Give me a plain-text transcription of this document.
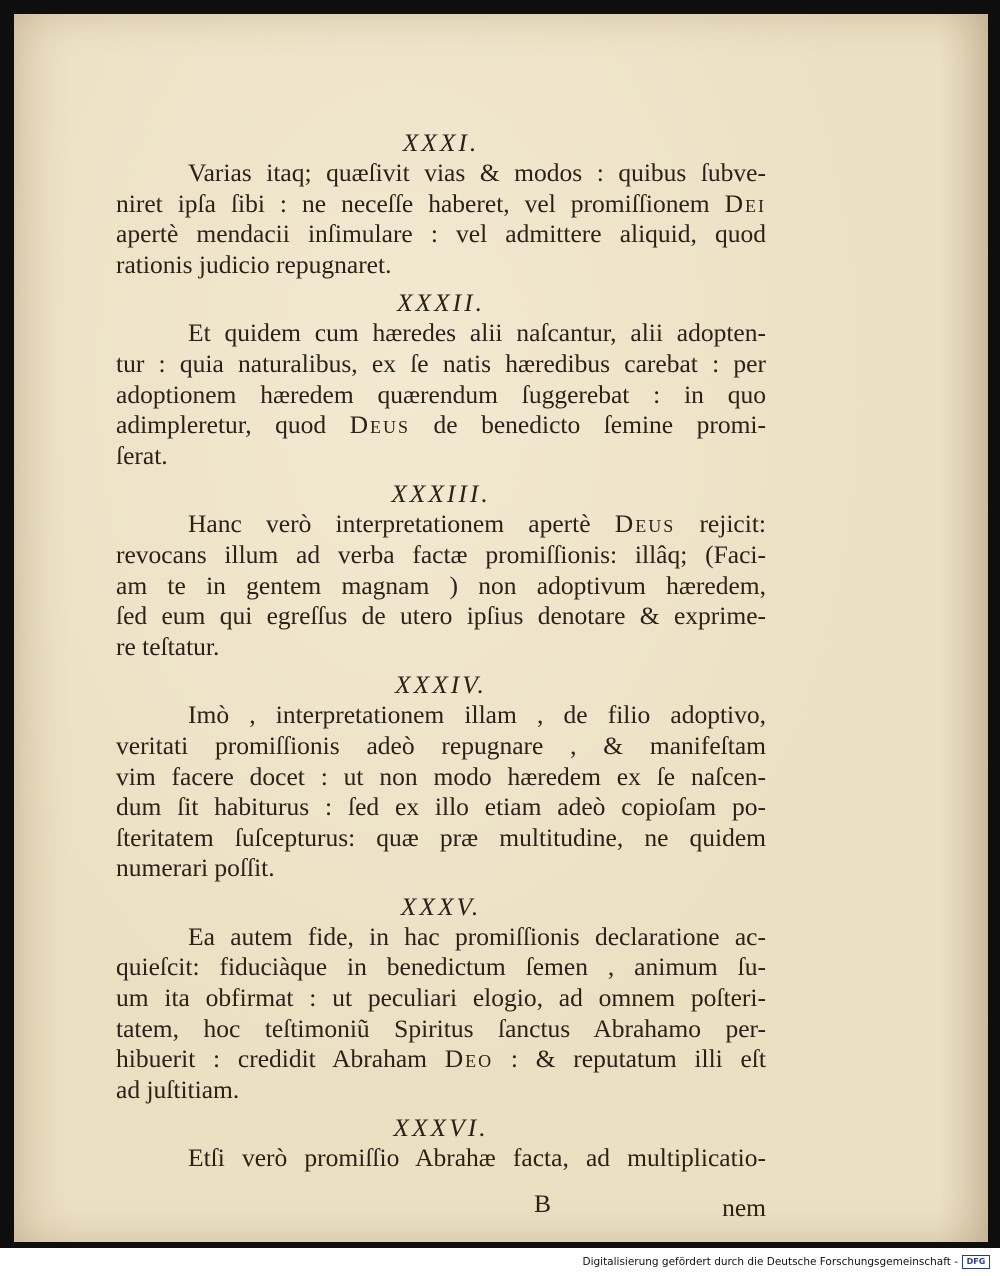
XXXI.
Varias itaq; quæſivit vias & modos : quibus ſubve-
niret ipſa ſibi : ne neceſſe haberet, vel promiſſionem Dei
apertè mendacii inſimulare : vel admittere aliquid, quod
rationis judicio repugnaret.
XXXII.
Et quidem cum hæredes alii naſcantur, alii adopten-
tur : quia naturalibus, ex ſe natis hæredibus carebat : per
adoptionem hæredem quærendum ſuggerebat : in quo
adimpleretur, quod Deus de benedicto ſemine promi-
ſerat.
XXXIII.
Hanc verò interpretationem apertè Deus rejicit:
revocans illum ad verba factæ promiſſionis: illâq; (Faci-
am te in gentem magnam ) non adoptivum hæredem,
ſed eum qui egreſſus de utero ipſius denotare & exprime-
re teſtatur.
XXXIV.
Imò , interpretationem illam , de filio adoptivo,
veritati promiſſionis adeò repugnare , & manifeſtam
vim facere docet : ut non modo hæredem ex ſe naſcen-
dum ſit habiturus : ſed ex illo etiam adeò copioſam po-
ſteritatem ſuſcepturus: quæ præ multitudine, ne quidem
numerari poſſit.
XXXV.
Ea autem fide, in hac promiſſionis declaratione ac-
quieſcit: fiduciàque in benedictum ſemen , animum ſu-
um ita obfirmat : ut peculiari elogio, ad omnem poſteri-
tatem, hoc teſtimoniũ Spiritus ſanctus Abrahamo per-
hibuerit : credidit Abraham Deo : & reputatum illi eſt
ad juſtitiam.
XXXVI.
Etſi verò promiſſio Abrahæ facta, ad multiplicatio-
B	nem
Digitalisierung gefördert durch die Deutsche Forschungsgemeinschaft -	DFG
